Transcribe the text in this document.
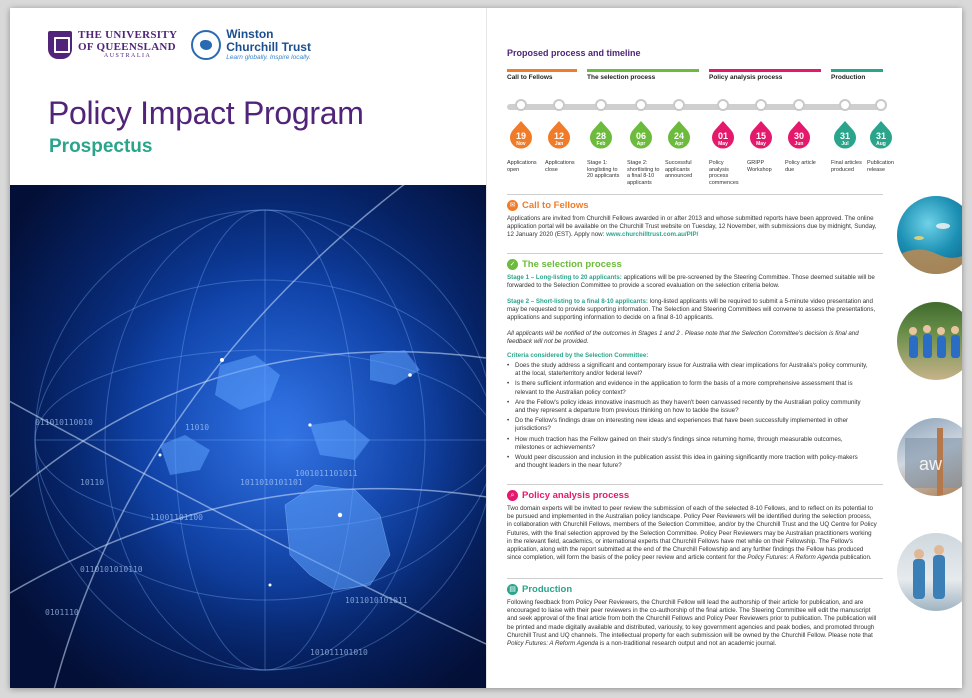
THE UNIVERSITY
OF QUEENSLAND
AUSTRALIA
Winston
Churchill Trust
Learn globally. Inspire locally.
Policy Impact Program
Prospectus
011010110010
10110
11010
11001101100
1011010101101
1001011101011
0110101010110
1011010101011
0101110
101011101010
Proposed process and timeline
Call to Fellows	The selection process	Policy analysis process	Production
19
Nov
Applications open
12
Jan
Applications close
28
Feb
Stage 1: longlisting to 20 applicants
06
Apr
Stage 2: shortlisting to a final 8-10 applicants
24
Apr
Successful applicants announced
01
May
Policy analysis process commences
15
May
GRIPP Workshop
30
Jun
Policy article due
31
Jul
Final articles produced
31
Aug
Publication release
✉ Call to Fellows
Applications are invited from Churchill Fellows awarded in or after 2013 and whose submitted reports have been approved. The online application portal will be available on the Churchill Trust website on Tuesday, 12 November, with submissions due by midnight, Sunday, 12 January 2020 (EST). Apply now: www.churchilltrust.com.au/PIP/
✓ The selection process
Stage 1 – Long-listing to 20 applicants: applications will be pre-screened by the Steering Committee. Those deemed suitable will be forwarded to the Selection Committee to provide a scored evaluation on the selection criteria below.
Stage 2 – Short-listing to a final 8-10 applicants: long-listed applicants will be required to submit a 5-minute video presentation and may be requested to provide supporting information. The Selection and Steering Committees will convene to assess the presentations, applications and supporting information to decide on a final 8-10 applicants.
All applicants will be notified of the outcomes in Stages 1 and 2 . Please note that the Selection Committee's decision is final and feedback will not be provided.
Criteria considered by the Selection Committee:
• Does the study address a significant and contemporary issue for Australia with clear implications for Australia's policy community, at the local, state/territory and/or federal level?
• Is there sufficient information and evidence in the application to form the basis of a more comprehensive assessment that is relevant to the Australian policy context?
• Are the Fellow's policy ideas innovative inasmuch as they haven't been canvassed recently by the Australian policy community and they represent a departure from previous thinking on how to tackle the issue?
• Do the Fellow's findings draw on interesting new ideas and experiences that have been successfully implemented in other jurisdictions?
• How much traction has the Fellow gained on their study's findings since returning home, through measurable outcomes, milestones or achievements?
• Would peer discussion and inclusion in the publication assist this idea in gaining significantly more traction with policy-makers and thought leaders in the near future?
⌕ Policy analysis process
Two domain experts will be invited to peer review the submission of each of the selected 8-10 Fellows, and to reflect on its potential to be pursued and implemented in the Australian policy landscape. Policy Peer Reviewers will be identified during the selection process, in collaboration with Churchill Fellows, members of the Selection Committee, and/or by the Churchill Trust and the UQ Centre for Policy Futures, with the final selection approved by the Selection Committee. Policy Peer Reviewers may be Australian practitioners working in the relevant field, academics, or international experts that Churchill Fellows have met while on their Fellowship. The Fellow's application, along with the report submitted at the end of the Churchill Fellowship and any further findings the Fellow has produced since completion, will form the basis of the policy peer review and article content for the Policy Futures: A Reform Agenda publication.
▤ Production
Following feedback from Policy Peer Reviewers, the Churchill Fellow will lead the authorship of their article for publication, and are encouraged to liaise with their peer reviewers in the co-authorship of the final article. The Steering Committee will edit the manuscript and seek approval of the final article from both the Churchill Fellows and Policy Peer Reviewers prior to publication. The publication will be printed and made digitally available and distributed, variously, to key government agencies and peak bodies, and promoted through Churchill Trust and UQ channels. The intellectual property for each submission will be owned by the Churchill Fellow. Please note that Policy Futures: A Reform Agenda is a non-traditional research output and not an academic journal.
aw
